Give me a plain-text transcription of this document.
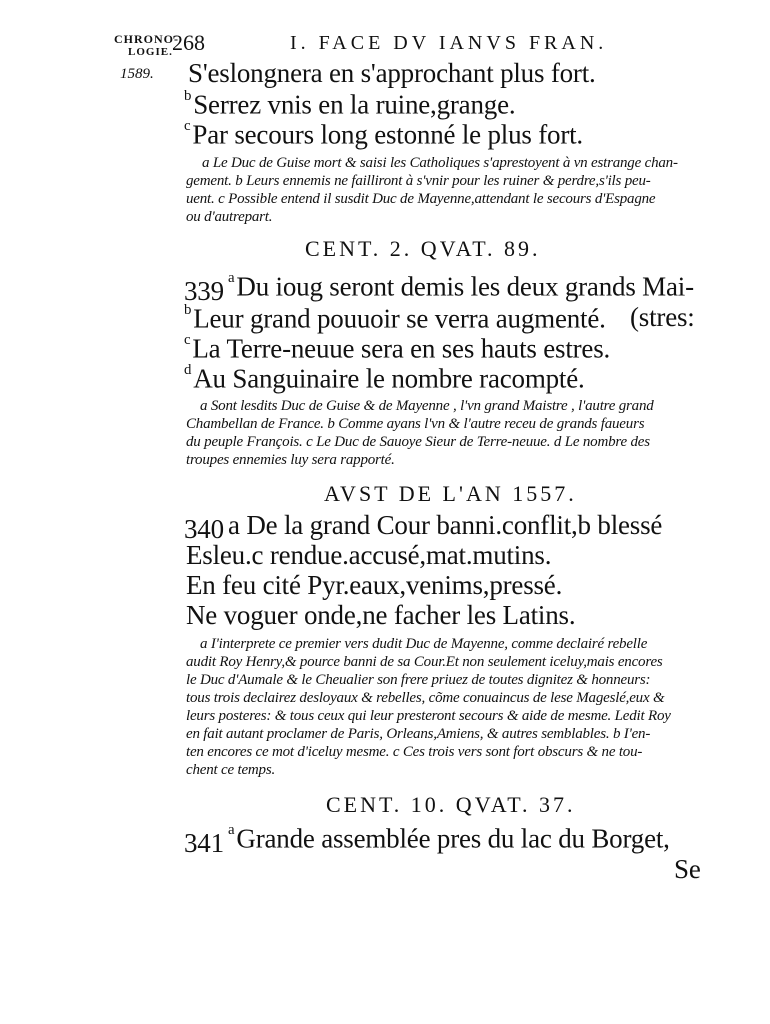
CHRONO-
LOGIE. 268	I. FACE DV IANVS FRAN.
1589. S'eslongnera en s'approchant plus fort.
$^b$Serrez vnis en la ruine,grange.
$^c$Par secours long estonné le plus fort.
a Le Duc de Guise mort & saisi les Catholiques s'aprestoyent à vn estrange chan-
gement. b Leurs ennemis ne failliront à s'vnir pour les ruiner & perdre,s'ils peu-
uent. c Possible entend il susdit Duc de Mayenne,attendant le secours d'Espagne
ou d'autrepart.
CENT. 2. QVAT. 89.
339 $^a$Du ioug seront demis les deux grands Mai-
$^b$Leur grand pouuoir se verra augmenté. (stres:
$^c$La Terre-neuue sera en ses hauts estres.
$^d$Au Sanguinaire le nombre racompté.
a Sont lesdits Duc de Guise & de Mayenne , l'vn grand Maistre , l'autre grand
Chambellan de France. b Comme ayans l'vn & l'autre receu de grands faueurs
du peuple François. c Le Duc de Sauoye Sieur de Terre-neuue. d Le nombre des
troupes ennemies luy sera rapporté.
AVST DE L'AN 1557.
340 a De la grand Cour banni.conflit,b blessé
Esleu.c rendue.accusé,mat.mutins.
En feu cité Pyr.eaux,venims,pressé.
Ne voguer onde,ne facher les Latins.
a I'interprete ce premier vers dudit Duc de Mayenne, comme declairé rebelle
audit Roy Henry,& pource banni de sa Cour.Et non seulement iceluy,mais encores
le Duc d'Aumale & le Cheualier son frere priuez de toutes dignitez & honneurs:
tous trois declairez desloyaux & rebelles, cõme conuaincus de lese Mageslé,eux &
leurs posteres: & tous ceux qui leur presteront secours & aide de mesme. Ledit Roy
en fait autant proclamer de Paris, Orleans,Amiens, & autres semblables. b I'en-
ten encores ce mot d'iceluy mesme. c Ces trois vers sont fort obscurs & ne tou-
chent ce temps.
CENT. 10. QVAT. 37.
341 $^a$Grande assemblée pres du lac du Borget,
Se
